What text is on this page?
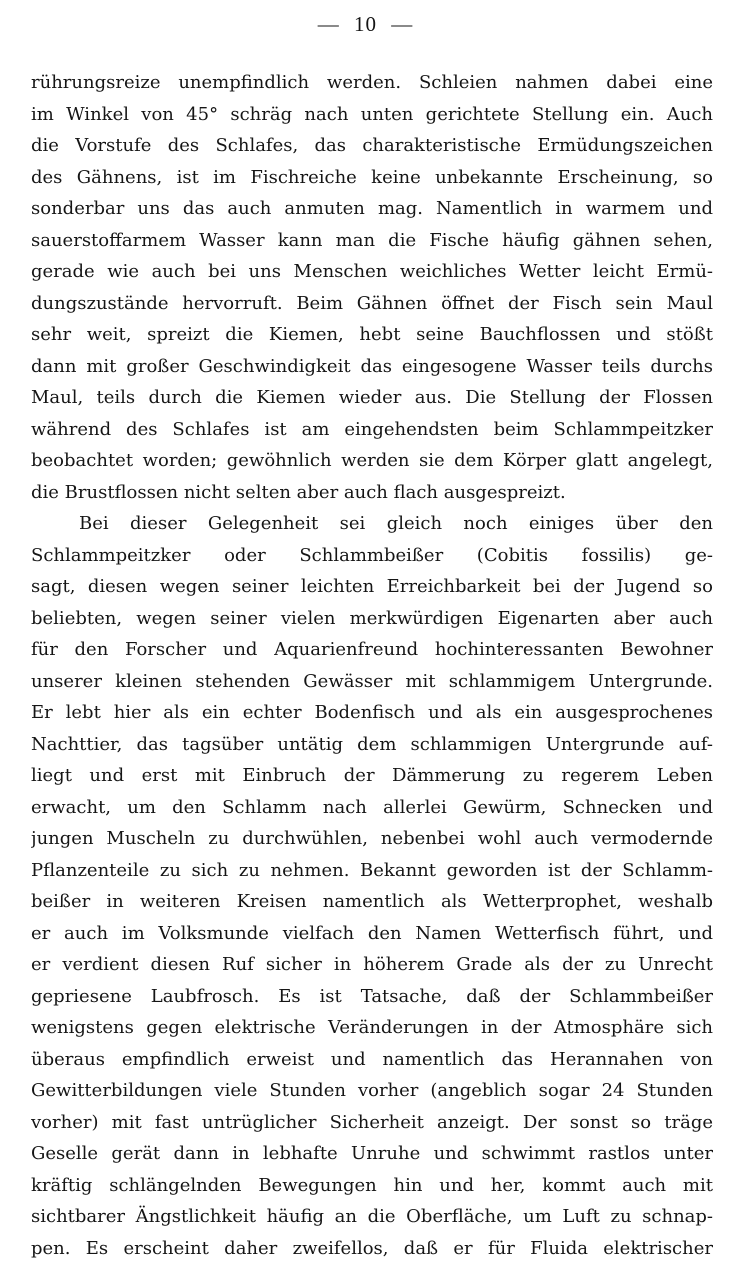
— 10 —
rührungsreize unempfindlich werden. Schleien nahmen dabei eine
im Winkel von 45° schräg nach unten gerichtete Stellung ein. Auch
die Vorstufe des Schlafes, das charakteristische Ermüdungszeichen
des Gähnens, ist im Fischreiche keine unbekannte Erscheinung, so
sonderbar uns das auch anmuten mag. Namentlich in warmem und
sauerstoffarmem Wasser kann man die Fische häufig gähnen sehen,
gerade wie auch bei uns Menschen weichliches Wetter leicht Ermü-
dungszustände hervorruft. Beim Gähnen öffnet der Fisch sein Maul
sehr weit, spreizt die Kiemen, hebt seine Bauchflossen und stößt
dann mit großer Geschwindigkeit das eingesogene Wasser teils durchs
Maul, teils durch die Kiemen wieder aus. Die Stellung der Flossen
während des Schlafes ist am eingehendsten beim Schlammpeitzker
beobachtet worden; gewöhnlich werden sie dem Körper glatt angelegt,
die Brustflossen nicht selten aber auch flach ausgespreizt.
Bei dieser Gelegenheit sei gleich noch einiges über den
Schlammpeitzker oder Schlammbeißer (Cobitis fossilis) ge-
sagt, diesen wegen seiner leichten Erreichbarkeit bei der Jugend so
beliebten, wegen seiner vielen merkwürdigen Eigenarten aber auch
für den Forscher und Aquarienfreund hochinteressanten Bewohner
unserer kleinen stehenden Gewässer mit schlammigem Untergrunde.
Er lebt hier als ein echter Bodenfisch und als ein ausgesprochenes
Nachttier, das tagsüber untätig dem schlammigen Untergrunde auf-
liegt und erst mit Einbruch der Dämmerung zu regerem Leben
erwacht, um den Schlamm nach allerlei Gewürm, Schnecken und
jungen Muscheln zu durchwühlen, nebenbei wohl auch vermodernde
Pflanzenteile zu sich zu nehmen. Bekannt geworden ist der Schlamm-
beißer in weiteren Kreisen namentlich als Wetterprophet, weshalb
er auch im Volksmunde vielfach den Namen Wetterfisch führt, und
er verdient diesen Ruf sicher in höherem Grade als der zu Unrecht
gepriesene Laubfrosch. Es ist Tatsache, daß der Schlammbeißer
wenigstens gegen elektrische Veränderungen in der Atmosphäre sich
überaus empfindlich erweist und namentlich das Herannahen von
Gewitterbildungen viele Stunden vorher (angeblich sogar 24 Stunden
vorher) mit fast untrüglicher Sicherheit anzeigt. Der sonst so träge
Geselle gerät dann in lebhafte Unruhe und schwimmt rastlos unter
kräftig schlängelnden Bewegungen hin und her, kommt auch mit
sichtbarer Ängstlichkeit häufig an die Oberfläche, um Luft zu schnap-
pen. Es erscheint daher zweifellos, daß er für Fluida elektrischer
